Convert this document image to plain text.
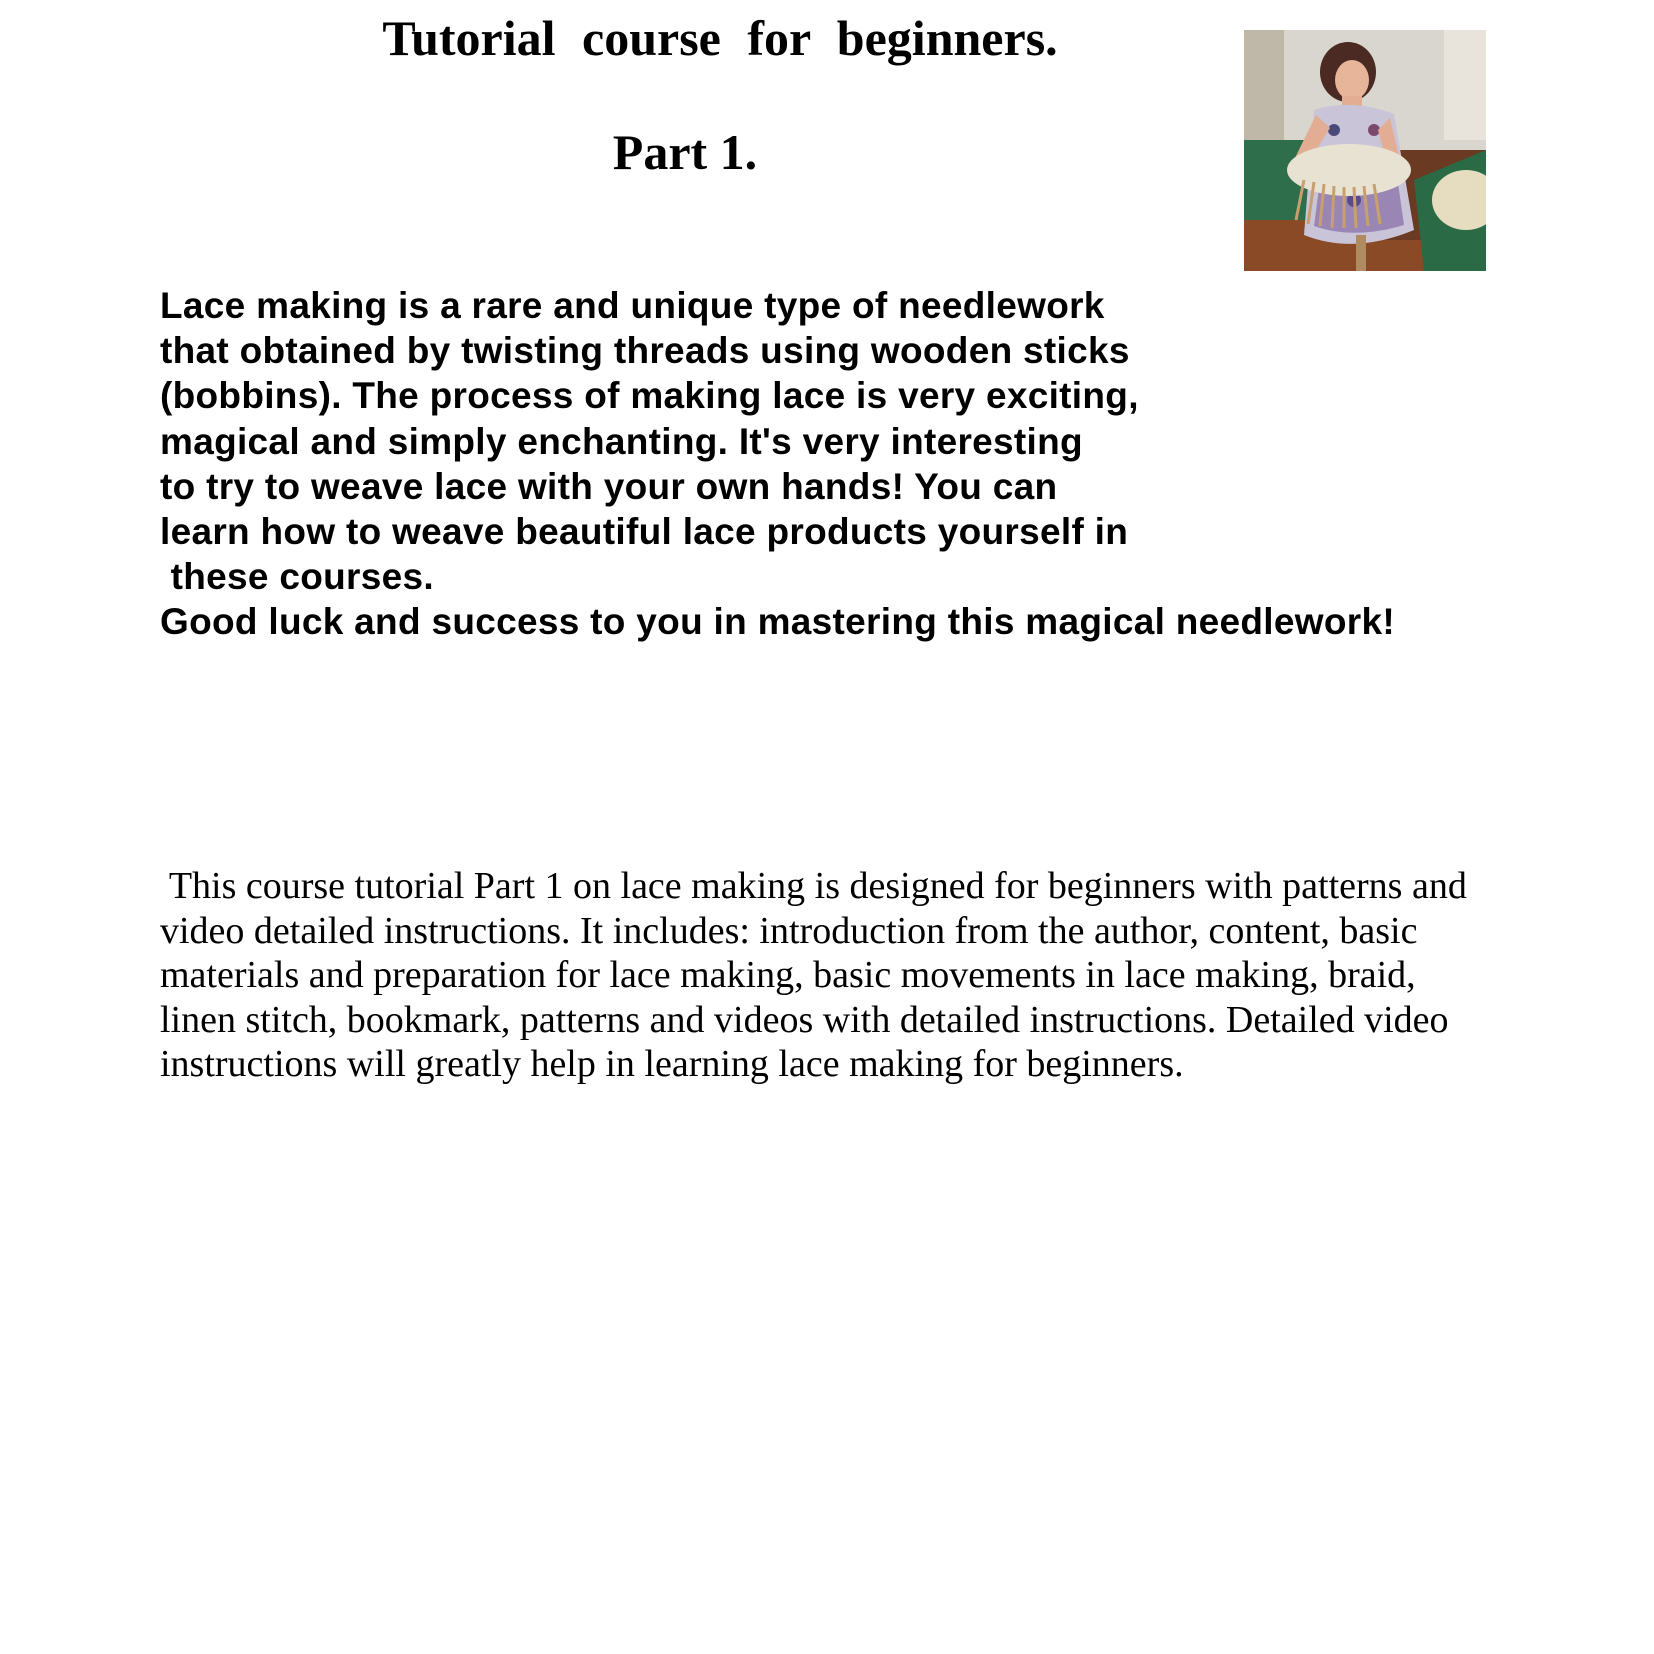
Tutorial course for beginners.
Part 1.
Lace making is a rare and unique type of needlework
that obtained by twisting threads using wooden sticks
(bobbins). The process of making lace is very exciting,
magical and simply enchanting. It's very interesting
to try to weave lace with your own hands! You can
learn how to weave beautiful lace products yourself in
these courses.
Good luck and success to you in mastering this magical needlework!
This course tutorial Part 1 on lace making is designed for beginners with patterns and
video detailed instructions. It includes: introduction from the author, content, basic
materials and preparation for lace making, basic movements in lace making, braid,
linen stitch, bookmark, patterns and videos with detailed instructions. Detailed video
instructions will greatly help in learning lace making for beginners.
